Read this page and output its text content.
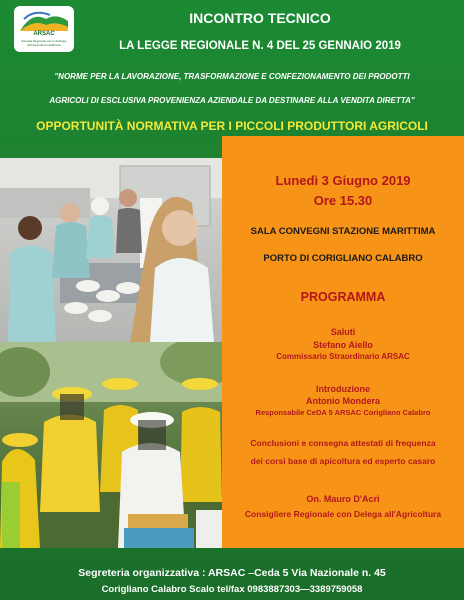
ARSAC
Azienda Regionale per lo Sviluppo dell'Agricoltura Calabrese
INCONTRO TECNICO
LA LEGGE REGIONALE N. 4 DEL 25 GENNAIO 2019
"NORME PER LA LAVORAZIONE, TRASFORMAZIONE E CONFEZIONAMENTO DEI PRODOTTI
AGRICOLI DI ESCLUSIVA PROVENIENZA AZIENDALE DA DESTINARE ALLA VENDITA DIRETTA"
OPPORTUNITÀ NORMATIVA PER I PICCOLI PRODUTTORI AGRICOLI
Lunedì 3 Giugno 2019
Ore 15.30
SALA CONVEGNI STAZIONE MARITTIMA
PORTO DI CORIGLIANO CALABRO
PROGRAMMA
Saluti
Stefano Aiello
Commissario Straordinario ARSAC
Introduzione
Antonio Mondera
Responsabile CeDA 5 ARSAC Corigliano Calabro
Conclusioni e consegna attestati di frequenza
dei corsi base di apicoltura ed esperto casaro
On. Mauro D'Acri
Consigliere Regionale con Delega all'Agricoltura
Segreteria organizzativa : ARSAC –Ceda 5 Via Nazionale n. 45
Corigliano Calabro Scalo tel/fax 0983887303—3389759058
